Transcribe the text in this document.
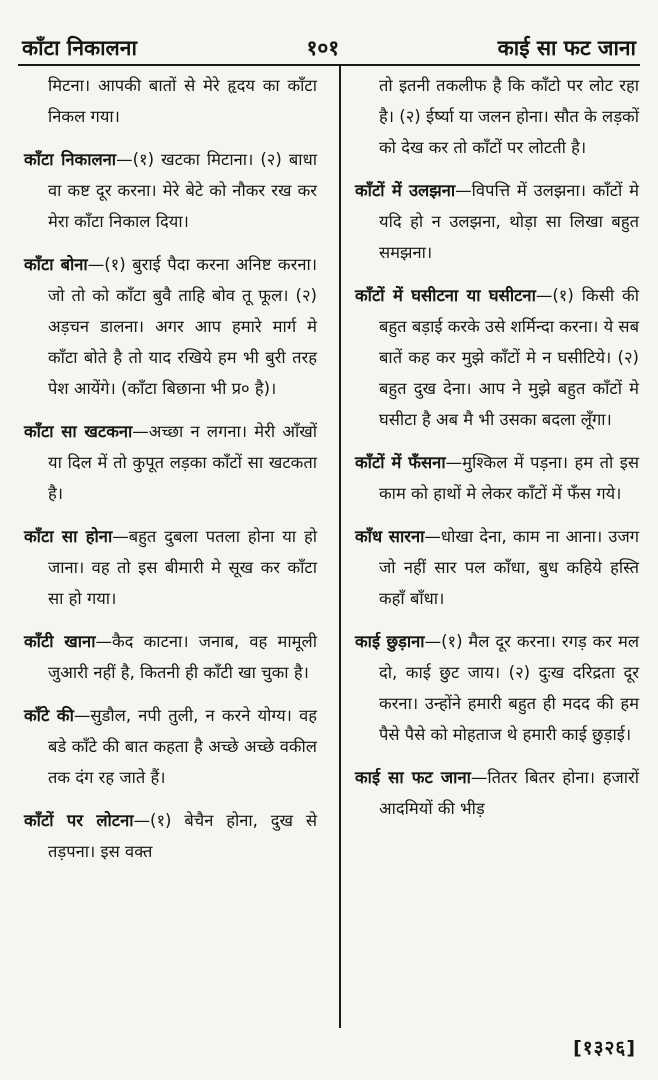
काँटा निकालना	१०१	काई सा फट जाना

मिटना। आपकी बातों से मेरे हृदय का काँटा निकल गया।

काँटा निकालना—(१) खटका मिटाना। (२) बाधा वा कष्ट दूर करना। मेरे बेटे को नौकर रख कर मेरा काँटा निकाल दिया।

काँटा बोना—(१) बुराई पैदा करना अनिष्ट करना। जो तो को काँटा बुवै ताहि बोव तू फूल। (२) अड़चन डालना। अगर आप हमारे मार्ग मे काँटा बोते है तो याद रखिये हम भी बुरी तरह पेश आयेंगे। (काँटा बिछाना भी प्र० है)।

काँटा सा खटकना—अच्छा न लगना। मेरी आँखों या दिल में तो कुपूत लड़का काँटों सा खटकता है।

काँटा सा होना—बहुत दुबला पतला होना या हो जाना। वह तो इस बीमारी मे सूख कर काँटा सा हो गया।

काँटी खाना—कैद काटना। जनाब, वह मामूली जुआरी नहीं है, कितनी ही काँटी खा चुका है।

काँटे की—सुडौल, नपी तुली, न करने योग्य। वह बडे काँटे की बात कहता है अच्छे अच्छे वकील तक दंग रह जाते हैं।

काँटों पर लोटना—(१) बेचैन होना, दुख से तड़पना। इस वक्त

तो इतनी तकलीफ है कि काँटो पर लोट रहा है। (२) ईर्ष्या या जलन होना। सौत के लड़कों को देख कर तो काँटों पर लोटती है।

काँटों में उलझना—विपत्ति में उलझना। काँटों मे यदि हो न उलझना, थोड़ा सा लिखा बहुत समझना।

काँटों में घसीटना या घसीटना—(१) किसी की बहुत बड़ाई करके उसे शर्मिन्दा करना। ये सब बातें कह कर मुझे काँटों मे न घसीटिये। (२) बहुत दुख देना। आप ने मुझे बहुत काँटों मे घसीटा है अब मै भी उसका बदला लूँगा।

काँटों में फँसना—मुश्किल में पड़ना। हम तो इस काम को हाथों मे लेकर काँटों में फँस गये।

काँध सारना—धोखा देना, काम ना आना। उजग जो नहीं सार पल काँधा, बुध कहिये हस्ति कहाँ बाँधा।

काई छुड़ाना—(१) मैल दूर करना। रगड़ कर मल दो, काई छुट जाय। (२) दुःख दरिद्रता दूर करना। उन्होंने हमारी बहुत ही मदद की हम पैसे पैसे को मोहताज थे हमारी काई छुड़ाई।

काई सा फट जाना—तितर बितर होना। हजारों आदमियों की भीड़

[१३२६]
